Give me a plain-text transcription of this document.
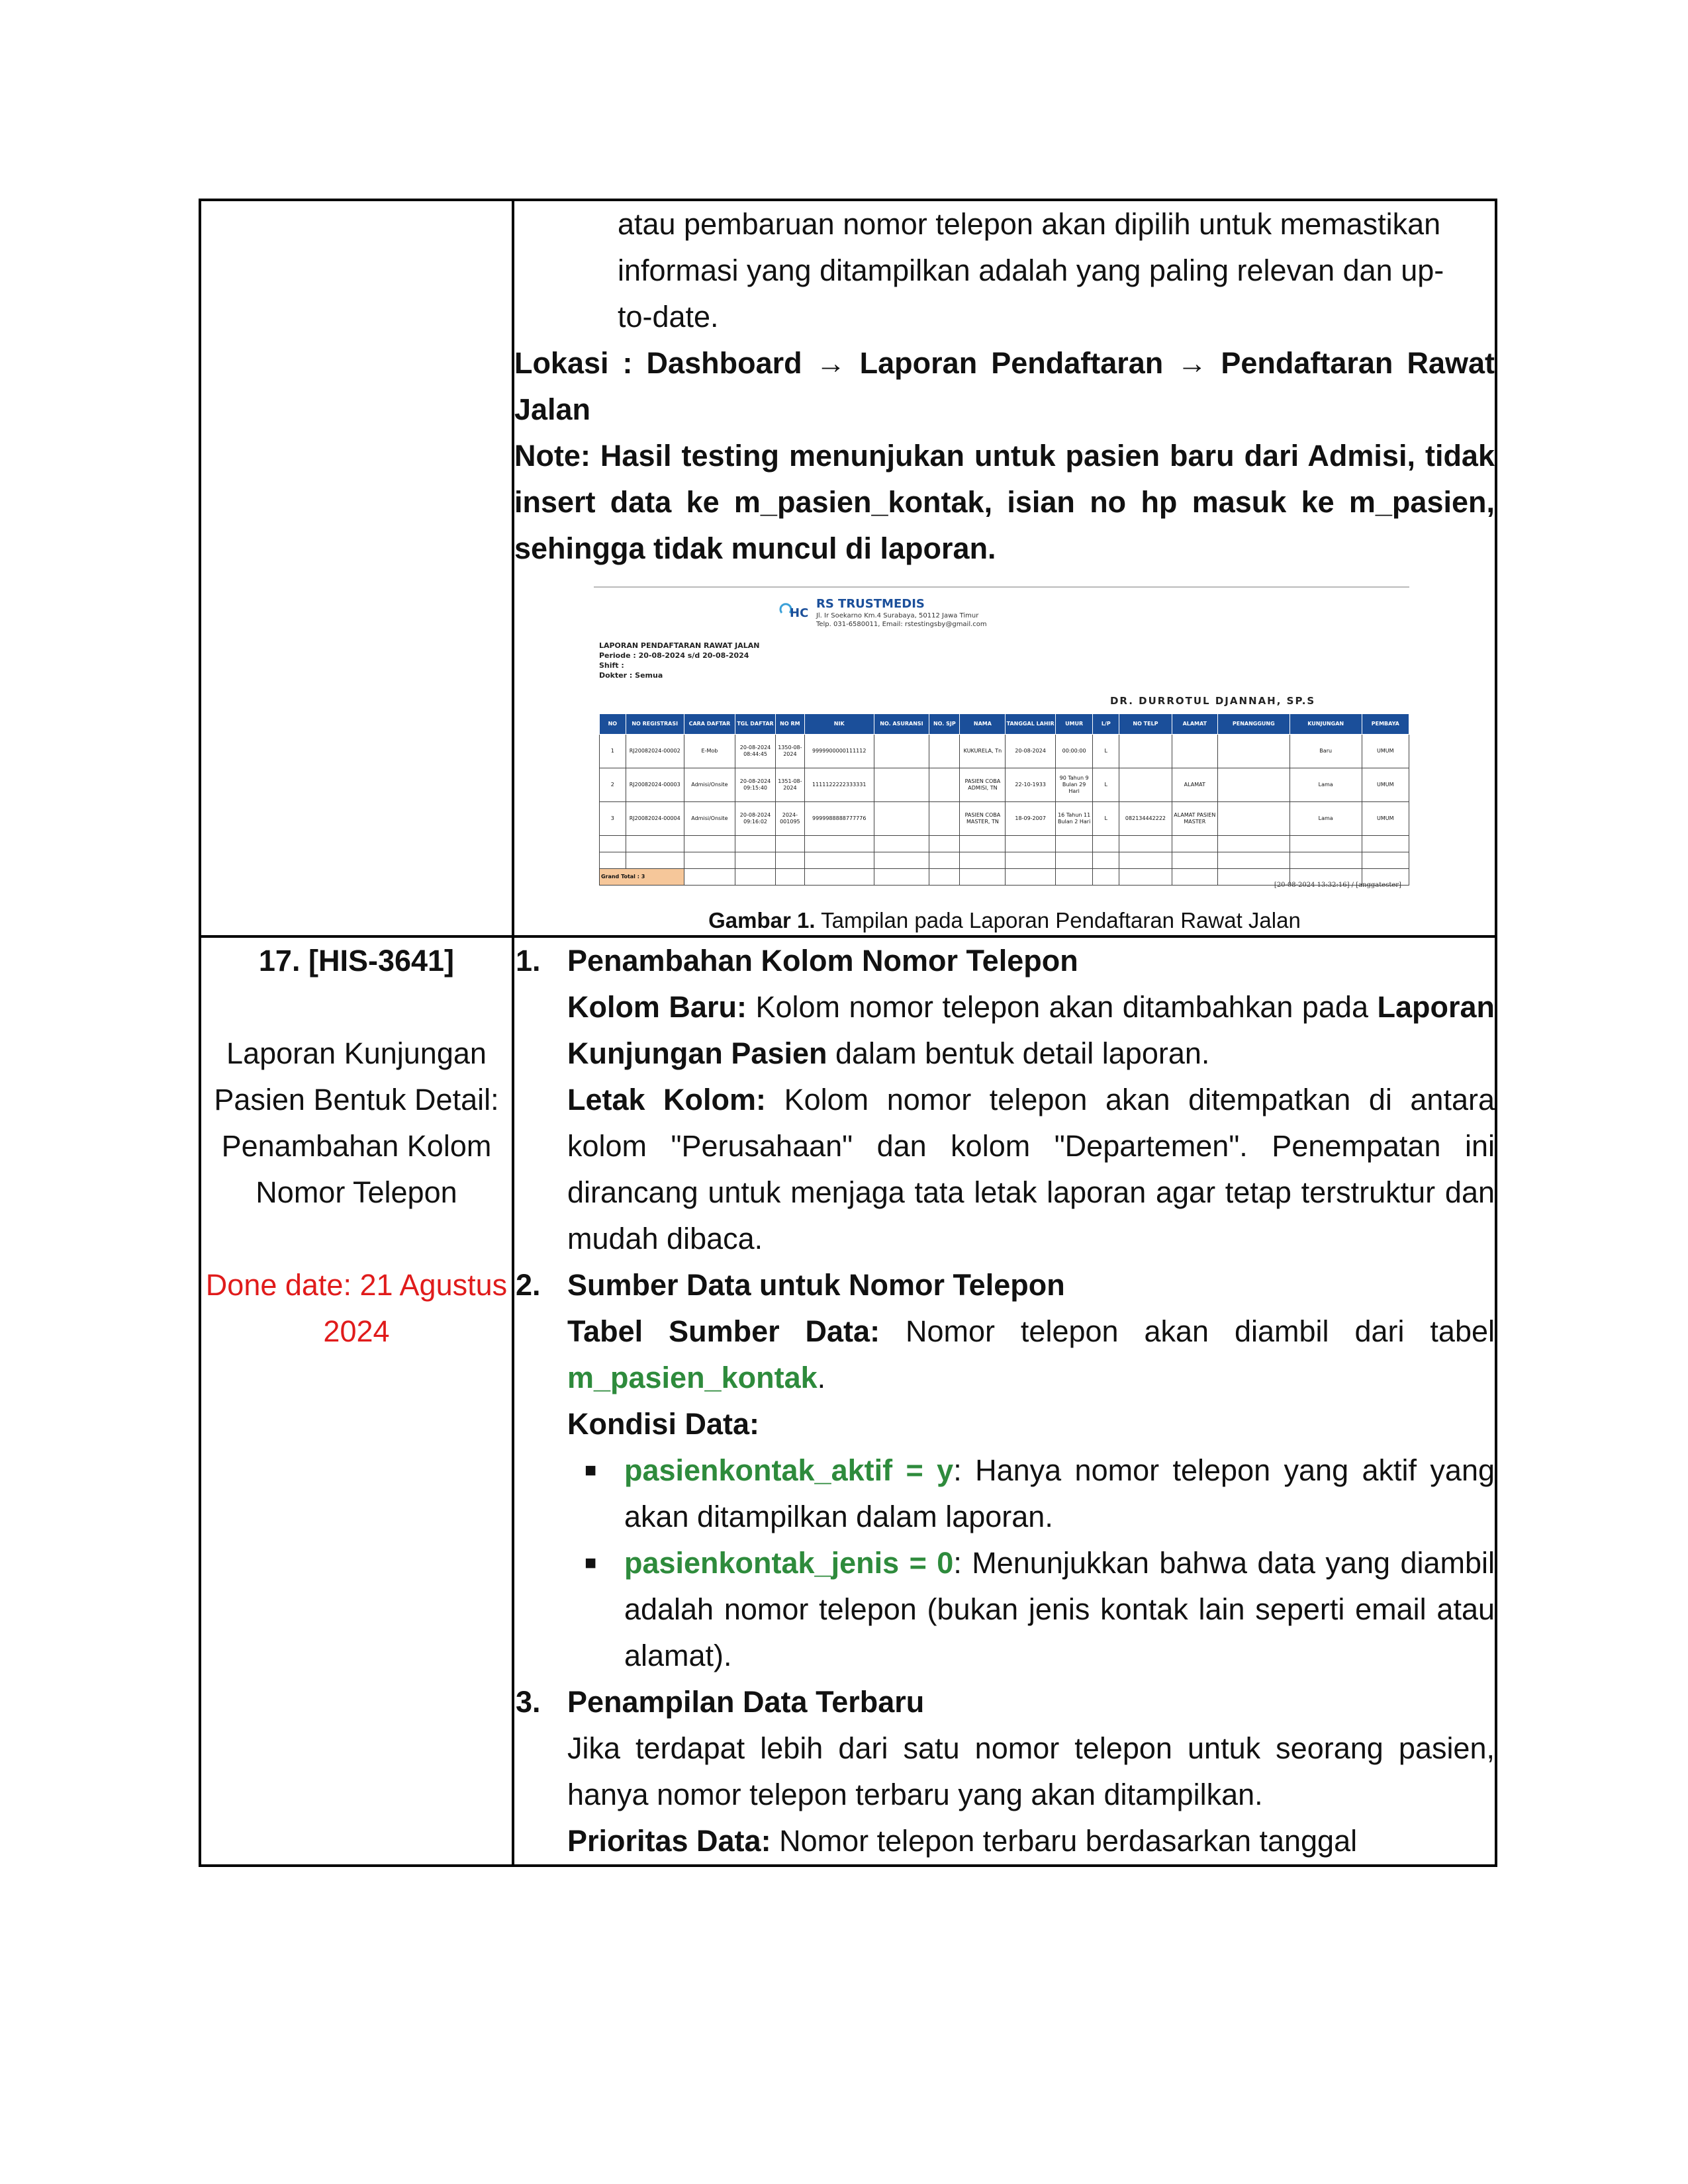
atau pembaruan nomor telepon akan dipilih untuk memastikan
informasi yang ditampilkan adalah yang paling relevan dan up-
to-date.
Lokasi : Dashboard → Laporan Pendaftaran → Pendaftaran Rawat Jalan
Note: Hasil testing menunjukan untuk pasien baru dari Admisi, tidak insert data ke m_pasien_kontak, isian no hp masuk ke m_pasien, sehingga tidak muncul di laporan.
HC
RS TRUSTMEDIS
Jl. Ir Soekarno Km.4 Surabaya, 50112 Jawa Timur
Telp. 031-6580011, Email: rstestingsby@gmail.com
LAPORAN PENDAFTARAN RAWAT JALAN
Periode : 20-08-2024 s/d 20-08-2024
Shift :
Dokter : Semua
DR. DURROTUL DJANNAH, SP.S
NO	NO REGISTRASI	CARA DAFTAR	TGL DAFTAR	NO RM	NIK	NO. ASURANSI	NO. SJP	NAMA	TANGGAL LAHIR	UMUR	L/P	NO TELP	ALAMAT	PENANGGUNG	KUNJUNGAN	PEMBAYA
1	RJ20082024-00002	E-Mob	20-08-2024 08:44:45	1350-08-2024	9999900000111112			KUKURELA, Tn	20-08-2024	00:00:00	L				Baru	UMUM
2	RJ20082024-00003	Admisi/Onsite	20-08-2024 09:15:40	1351-08-2024	1111122222333331			PASIEN COBA ADMISI, TN	22-10-1933	90 Tahun 9 Bulan 29 Hari	L		ALAMAT		Lama	UMUM
3	RJ20082024-00004	Admisi/Onsite	20-08-2024 09:16:02	2024-001095	9999988888777776			PASIEN COBA MASTER, TN	18-09-2007	16 Tahun 11 Bulan 2 Hari	L	082134442222	ALAMAT PASIEN MASTER		Lama	UMUM

Grand Total : 3															
[20-08-2024 13:32:16] / [anggatester]
Gambar 1. Tampilan pada Laporan Pendaftaran Rawat Jalan

17. [HIS-3641]
Laporan Kunjungan Pasien Bentuk Detail: Penambahan Kolom Nomor Telepon
Done date: 21 Agustus 2024

1. Penambahan Kolom Nomor Telepon
Kolom Baru: Kolom nomor telepon akan ditambahkan pada Laporan Kunjungan Pasien dalam bentuk detail laporan.
Letak Kolom: Kolom nomor telepon akan ditempatkan di antara kolom "Perusahaan" dan kolom "Departemen". Penempatan ini dirancang untuk menjaga tata letak laporan agar tetap terstruktur dan mudah dibaca.
2. Sumber Data untuk Nomor Telepon
Tabel Sumber Data: Nomor telepon akan diambil dari tabel m_pasien_kontak.
Kondisi Data:
■ pasienkontak_aktif = y: Hanya nomor telepon yang aktif yang akan ditampilkan dalam laporan.
■ pasienkontak_jenis = 0: Menunjukkan bahwa data yang diambil adalah nomor telepon (bukan jenis kontak lain seperti email atau alamat).
3. Penampilan Data Terbaru
Jika terdapat lebih dari satu nomor telepon untuk seorang pasien, hanya nomor telepon terbaru yang akan ditampilkan.
Prioritas Data: Nomor telepon terbaru berdasarkan tanggal
